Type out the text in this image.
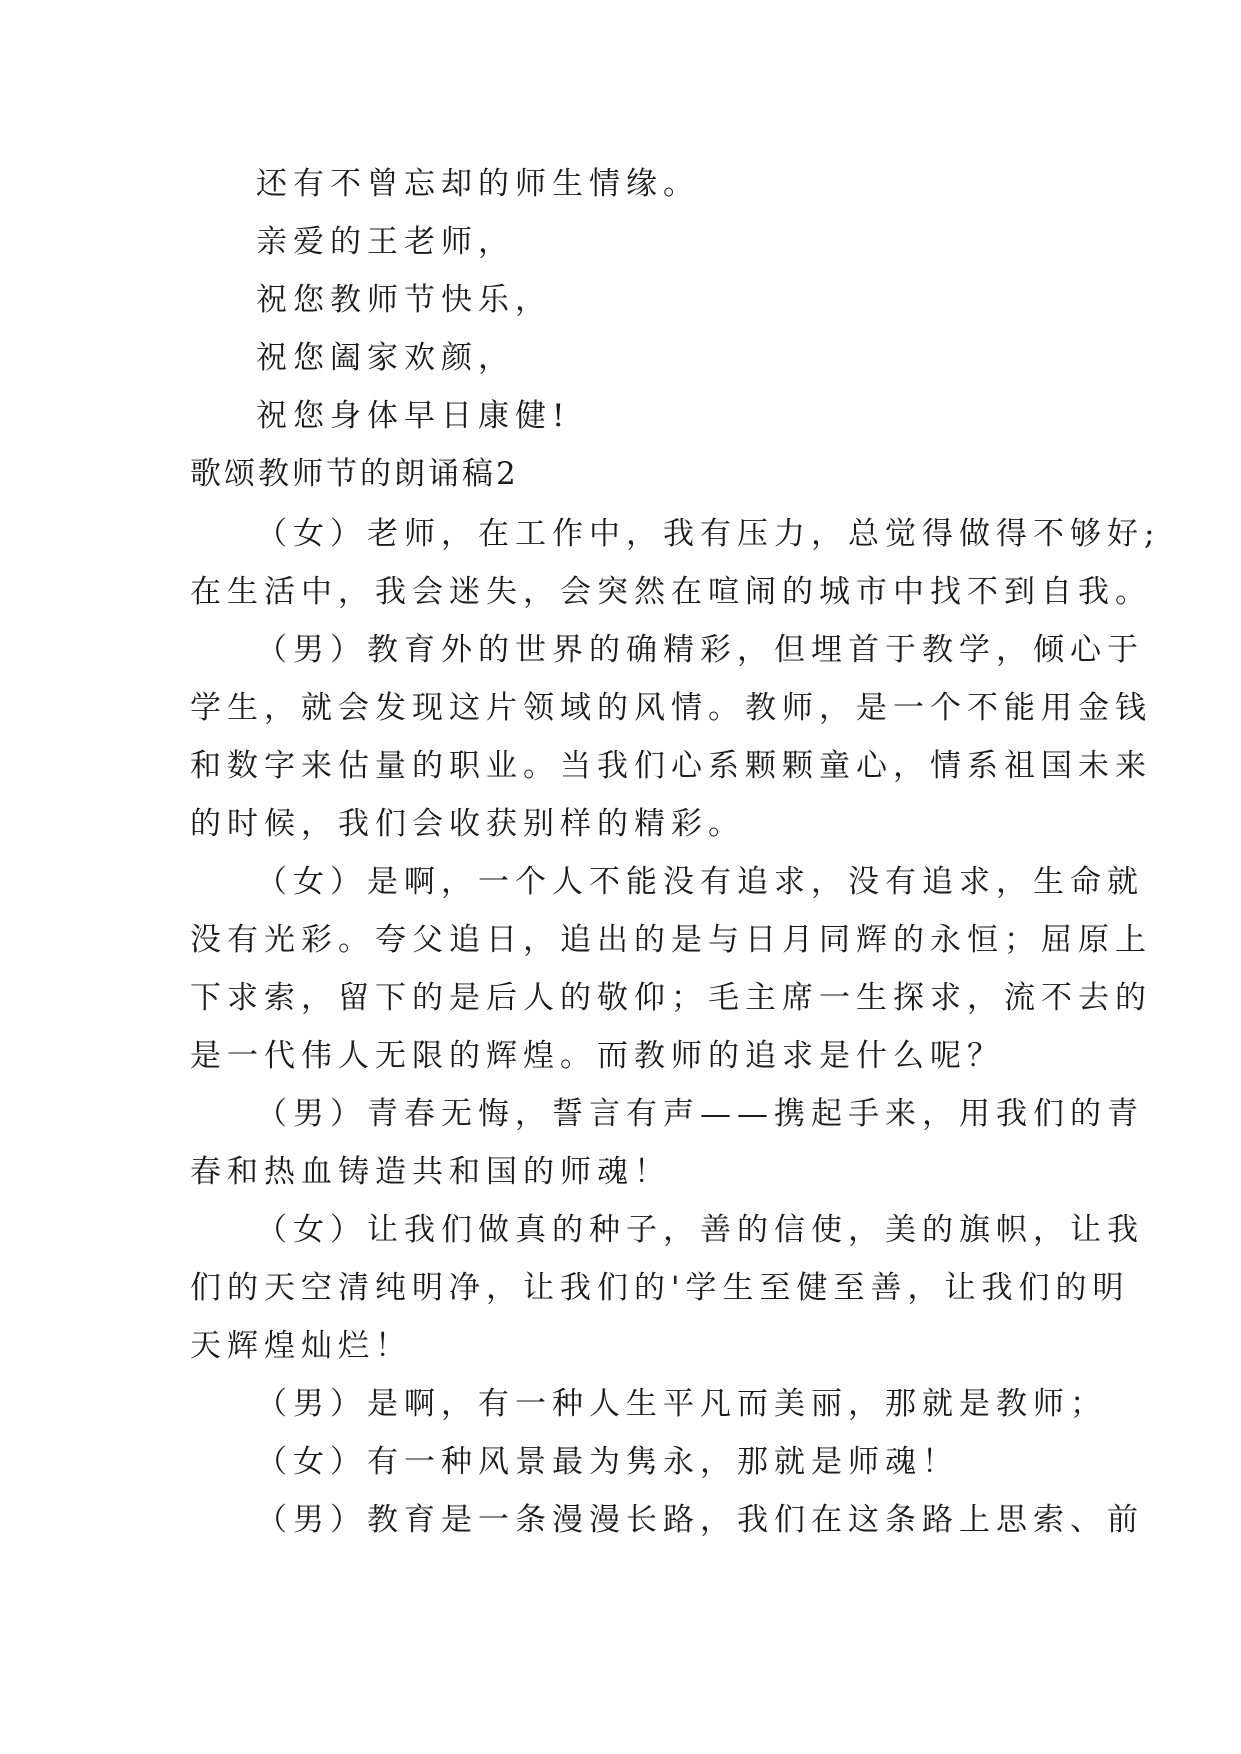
还有不曾忘却的师生情缘。
亲爱的王老师，
祝您教师节快乐，
祝您阖家欢颜，
祝您身体早日康健!
歌颂教师节的朗诵稿2
（女）老师，在工作中，我有压力，总觉得做得不够好;
在生活中，我会迷失，会突然在喧闹的城市中找不到自我。
（男）教育外的世界的确精彩，但埋首于教学，倾心于
学生，就会发现这片领域的风情。教师，是一个不能用金钱
和数字来估量的职业。当我们心系颗颗童心，情系祖国未来
的时候，我们会收获别样的精彩。
（女）是啊，一个人不能没有追求，没有追求，生命就
没有光彩。夸父追日，追出的是与日月同辉的永恒；屈原上
下求索，留下的是后人的敬仰；毛主席一生探求，流不去的
是一代伟人无限的辉煌。而教师的追求是什么呢？
（男）青春无悔，誓言有声——携起手来，用我们的青
春和热血铸造共和国的师魂！
（女）让我们做真的种子，善的信使，美的旗帜，让我
们的天空清纯明净，让我们的'学生至健至善，让我们的明
天辉煌灿烂！
（男）是啊，有一种人生平凡而美丽，那就是教师；
（女）有一种风景最为隽永，那就是师魂！
（男）教育是一条漫漫长路，我们在这条路上思索、前
